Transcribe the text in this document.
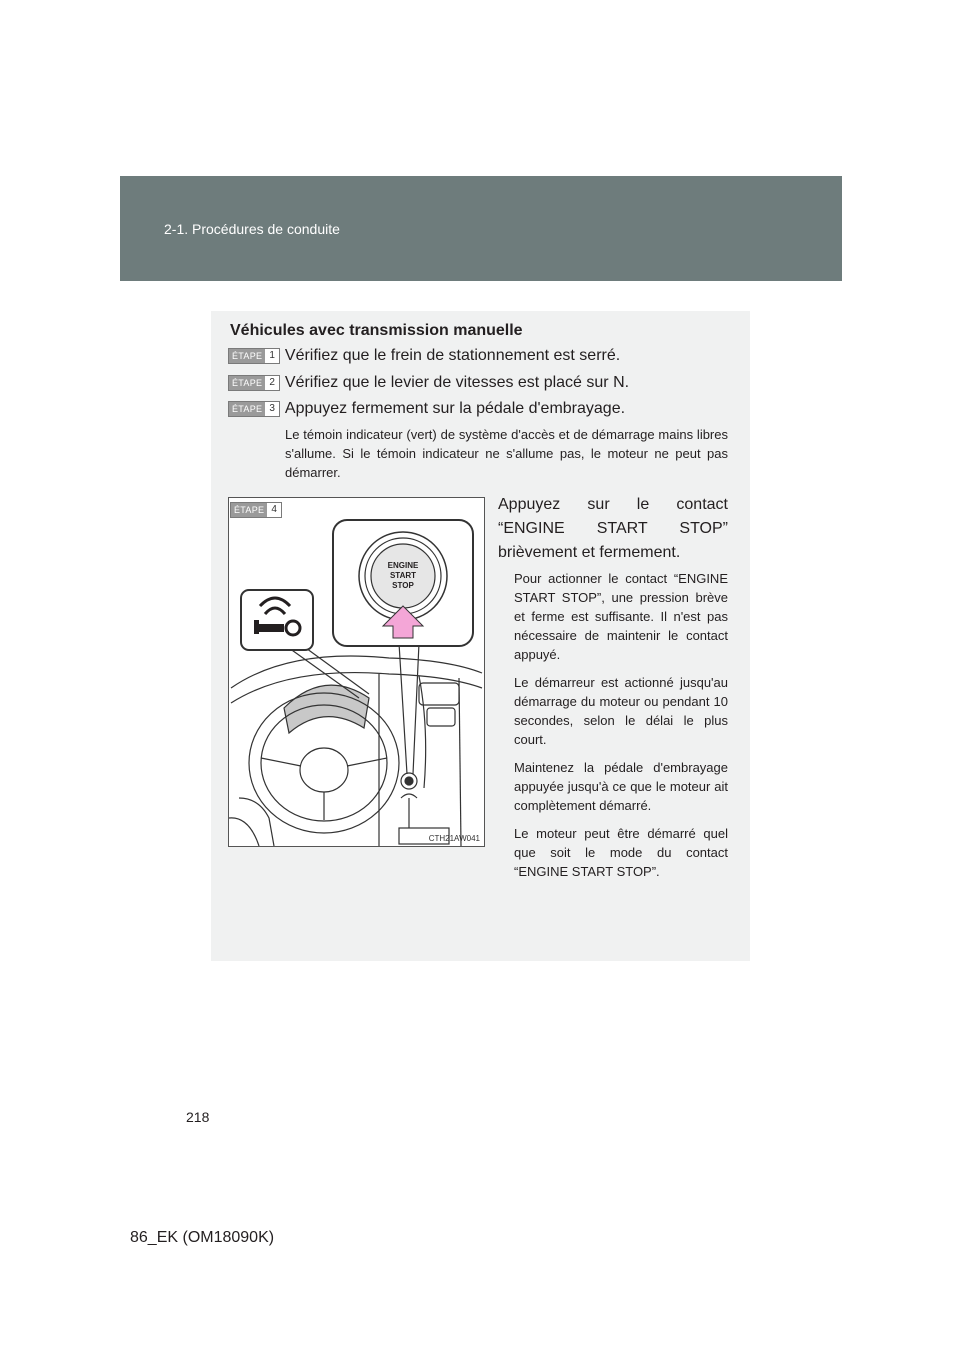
2-1. Procédures de conduite
Véhicules avec transmission manuelle
ÉTAPE 1 Vérifiez que le frein de stationnement est serré.
ÉTAPE 2 Vérifiez que le levier de vitesses est placé sur N.
ÉTAPE 3 Appuyez fermement sur la pédale d'embrayage.
Le témoin indicateur (vert) de système d'accès et de démarrage mains libres s'allume. Si le témoin indicateur ne s'allume pas, le moteur ne peut pas démarrer.
ENGINE
START
STOP
ÉTAPE 4
CTH21AW041
Appuyez sur le contact “ENGINE START STOP” brièvement et fermement.

Pour actionner le contact “ENGINE START STOP”, une pression brève et ferme est suffisante. Il n'est pas nécessaire de maintenir le contact appuyé.

Le démarreur est actionné jusqu'au démarrage du moteur ou pendant 10 secondes, selon le délai le plus court.

Maintenez la pédale d'embrayage appuyée jusqu'à ce que le moteur ait complètement démarré.

Le moteur peut être démarré quel que soit le mode du contact “ENGINE START STOP”.

218
86_EK (OM18090K)
